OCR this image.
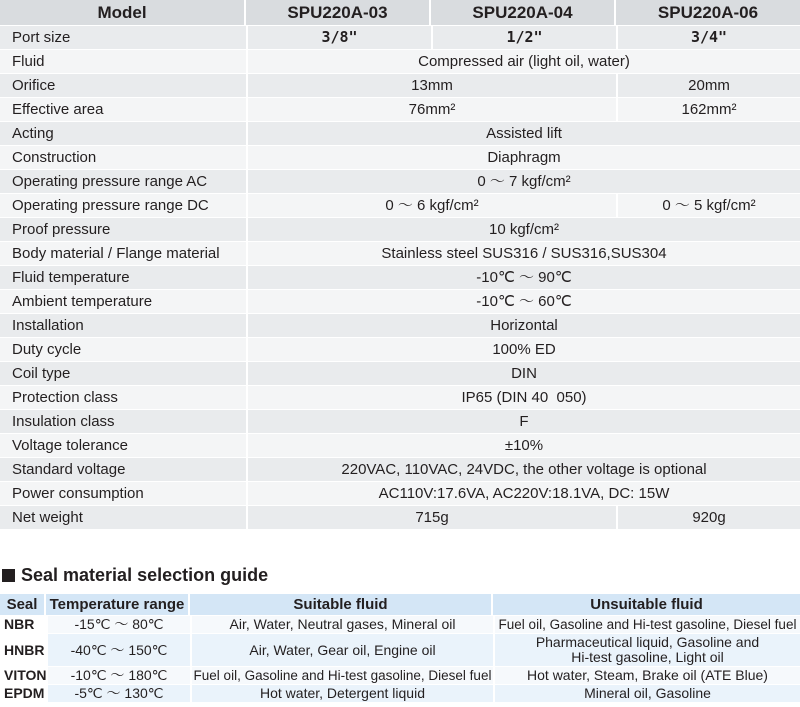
Model	SPU220A-03	SPU220A-04	SPU220A-06
Port size	3/8"	1/2"	3/4"
Fluid	Compressed air (light oil, water)		
Orifice	13mm		20mm
Effective area	76mm²		162mm²
Acting	Assisted lift		
Construction	Diaphragm		
Operating pressure range AC	0 ～ 7 kgf/cm²		
Operating pressure range DC	0 ～ 6 kgf/cm²		0 ～ 5 kgf/cm²
Proof pressure	10 kgf/cm²		
Body material / Flange material	Stainless steel SUS316 / SUS316,SUS304		
Fluid temperature	-10℃ ～ 90℃		
Ambient temperature	-10℃ ～ 60℃		
Installation	Horizontal		
Duty cycle	100% ED		
Coil type	DIN		
Protection class	IP65 (DIN 40  050)		
Insulation class	F		
Voltage tolerance	±10%		
Standard voltage	220VAC, 110VAC, 24VDC, the other voltage is optional		
Power consumption	AC110V:17.6VA, AC220V:18.1VA, DC: 15W		
Net weight	715g		920g
Seal material selection guide
Seal	Temperature range	Suitable fluid	Unsuitable fluid
NBR	-15℃ ～ 80℃	Air, Water, Neutral gases, Mineral oil	Fuel oil, Gasoline and Hi-test gasoline, Diesel fuel
HNBR	-40℃ ～ 150℃	Air, Water, Gear oil, Engine oil	Pharmaceutical liquid, Gasoline and Hi-test gasoline, Light oil
VITON	-10℃ ～ 180℃	Fuel oil, Gasoline and Hi-test gasoline, Diesel fuel	Hot water, Steam, Brake oil (ATE Blue)
EPDM	-5℃ ～ 130℃	Hot water, Detergent liquid	Mineral oil, Gasoline
